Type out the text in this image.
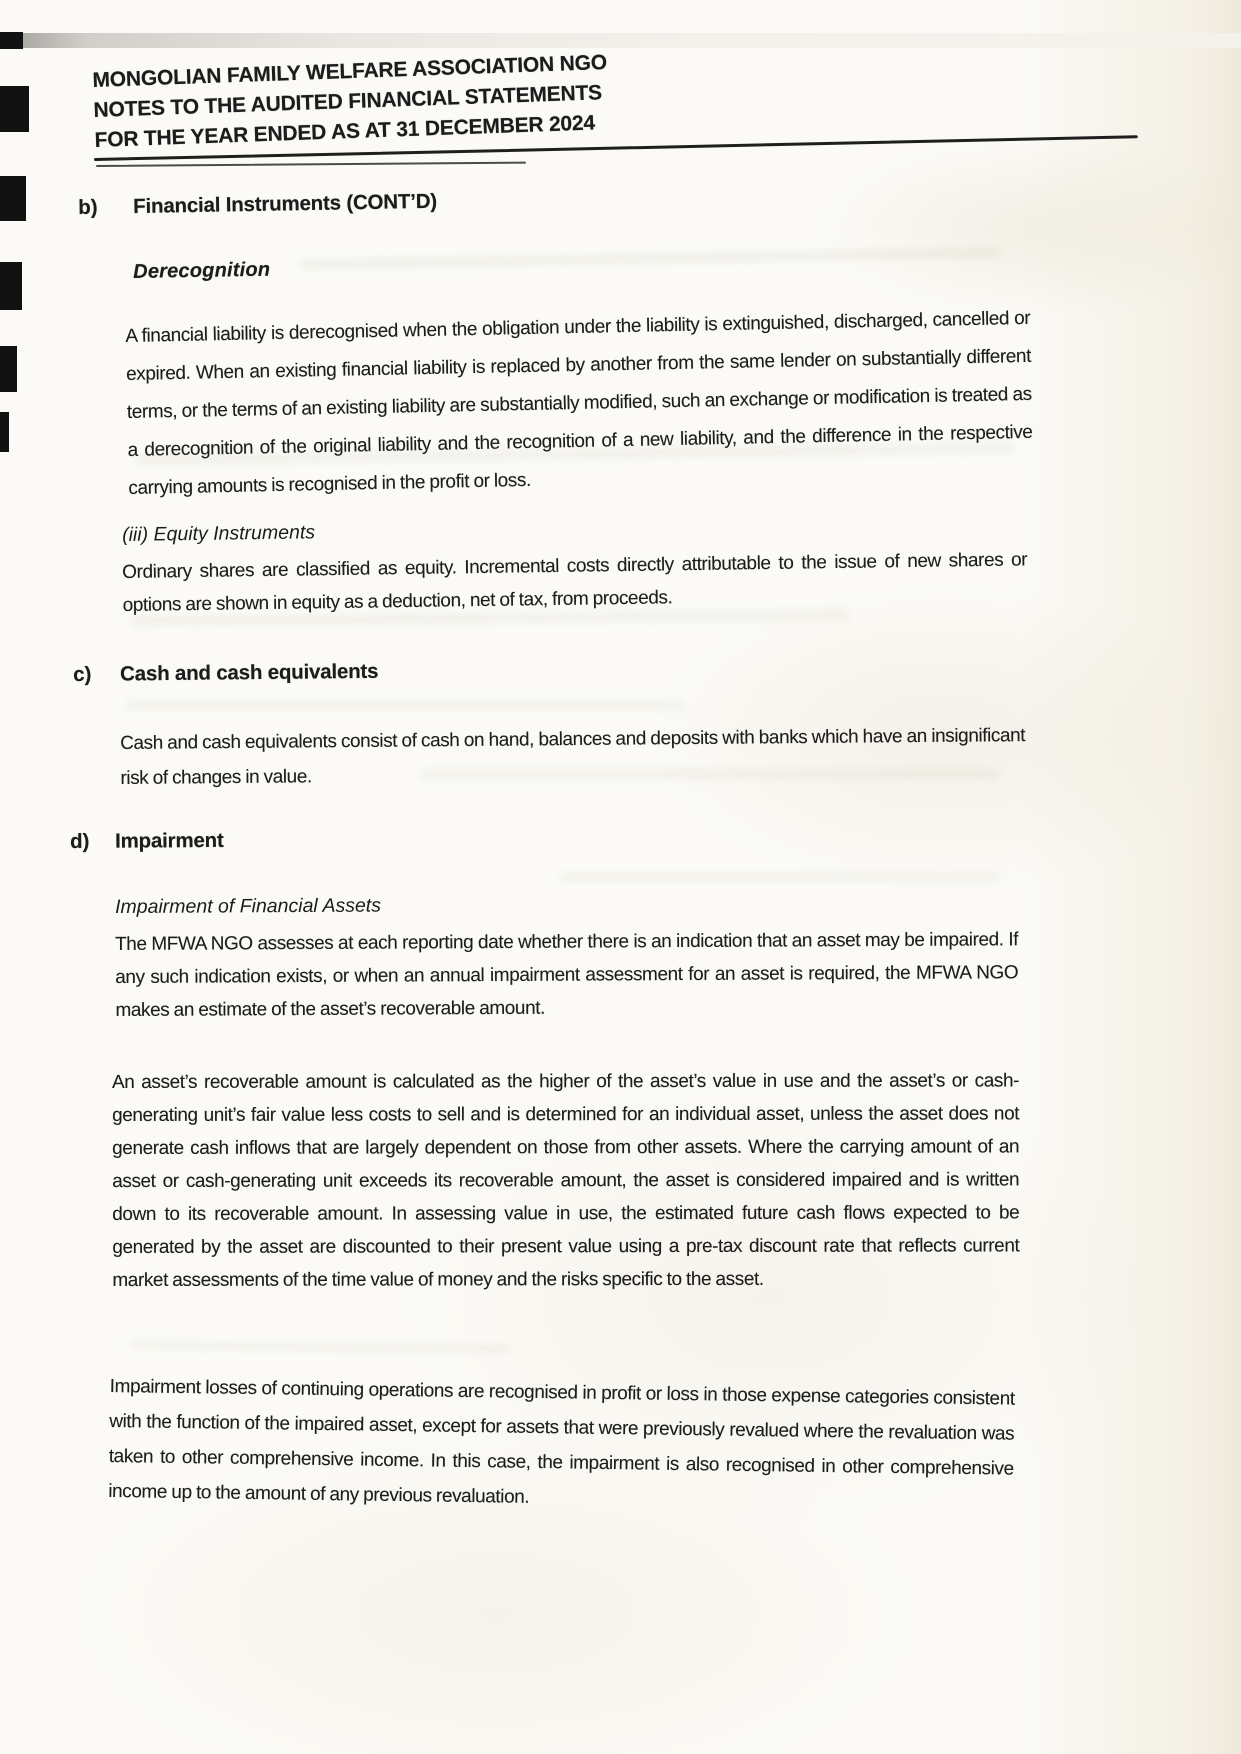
MONGOLIAN FAMILY WELFARE ASSOCIATION NGO
NOTES TO THE AUDITED FINANCIAL STATEMENTS
FOR THE YEAR ENDED AS AT 31 DECEMBER 2024
b)	Financial Instruments (CONT’D)
Derecognition
A financial liability is derecognised when the obligation under the liability is extinguished, discharged, cancelled or expired. When an existing financial liability is replaced by another from the same lender on substantially different terms, or the terms of an existing liability are substantially modified, such an exchange or modification is treated as a derecognition of the original liability and the recognition of a new liability, and the difference in the respective carrying amounts is recognised in the profit or loss.
(iii) Equity Instruments
Ordinary shares are classified as equity. Incremental costs directly attributable to the issue of new shares or options are shown in equity as a deduction, net of tax, from proceeds.
c)	Cash and cash equivalents
Cash and cash equivalents consist of cash on hand, balances and deposits with banks which have an insignificant risk of changes in value.
d)	Impairment
Impairment of Financial Assets
The MFWA NGO assesses at each reporting date whether there is an indication that an asset may be impaired. If any such indication exists, or when an annual impairment assessment for an asset is required, the MFWA NGO makes an estimate of the asset’s recoverable amount.
An asset’s recoverable amount is calculated as the higher of the asset’s value in use and the asset’s or cash-generating unit’s fair value less costs to sell and is determined for an individual asset, unless the asset does not generate cash inflows that are largely dependent on those from other assets. Where the carrying amount of an asset or cash-generating unit exceeds its recoverable amount, the asset is considered impaired and is written down to its recoverable amount. In assessing value in use, the estimated future cash flows expected to be generated by the asset are discounted to their present value using a pre-tax discount rate that reflects current market assessments of the time value of money and the risks specific to the asset.
Impairment losses of continuing operations are recognised in profit or loss in those expense categories consistent with the function of the impaired asset, except for assets that were previously revalued where the revaluation was taken to other comprehensive income. In this case, the impairment is also recognised in other comprehensive income up to the amount of any previous revaluation.
